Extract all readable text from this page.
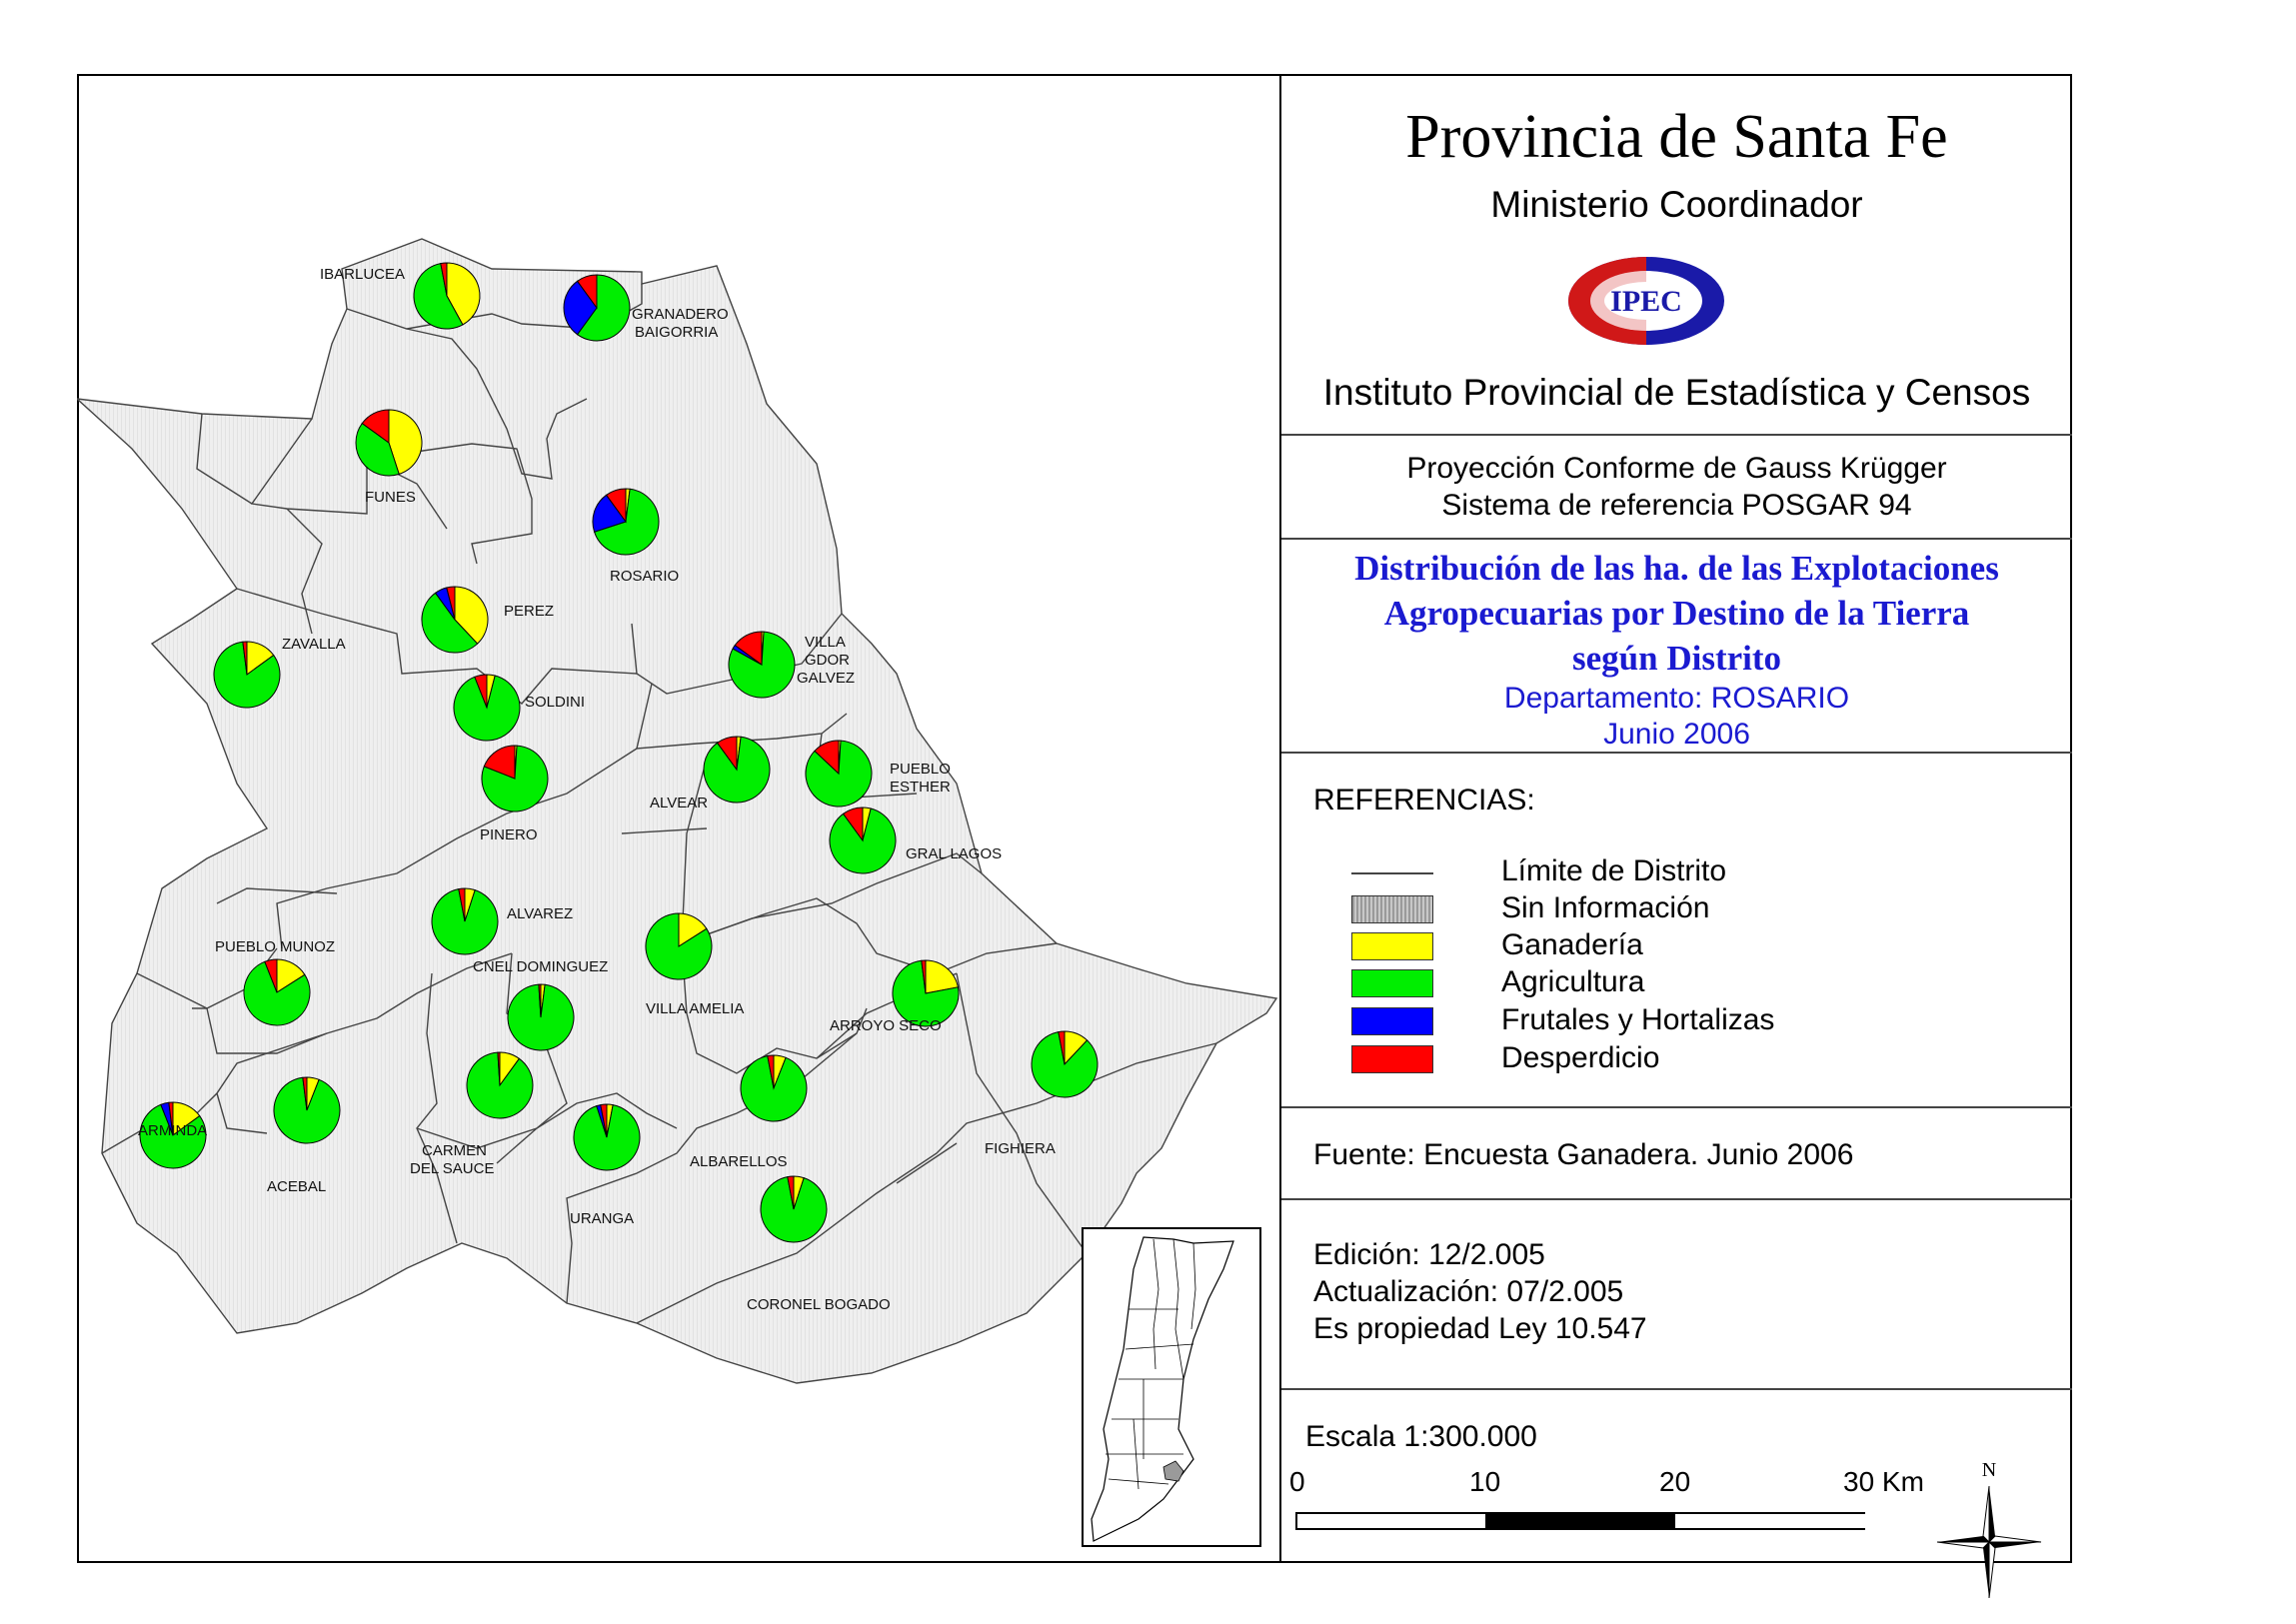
IBARLUCEA
GRANADERO
BAIGORRIA
FUNES
ROSARIO
PEREZ
ZAVALLA	VILLA
GDOR
GALVEZ
SOLDINI
PINERO
ALVEAR
PUEBLO
ESTHER
GRAL LAGOS
ALVAREZ
PUEBLO MUNOZ
VILLA AMELIA
CNEL DOMINGUEZ
ARROYO SECO
ARMINDA
ACEBAL
CARMEN
DEL SAUCE
URANGA
ALBARELLOS
FIGHIERA
CORONEL BOGADO
Provincia de Santa Fe
Ministerio Coordinador
IPEC
Instituto Provincial de Estadística y Censos
Proyección Conforme de Gauss Krügger
Sistema de referencia POSGAR 94
Distribución de las ha. de las Explotaciones
Agropecuarias por Destino de la Tierra
según Distrito
Departamento: ROSARIO
Junio 2006
REFERENCIAS:
Límite de Distrito
Sin Información
Ganadería
Agricultura
Frutales y Hortalizas
Desperdicio
Fuente: Encuesta Ganadera. Junio 2006
Edición: 12/2.005
Actualización: 07/2.005
Es propiedad Ley 10.547
Escala 1:300.000
0	10	20	30 Km	N
